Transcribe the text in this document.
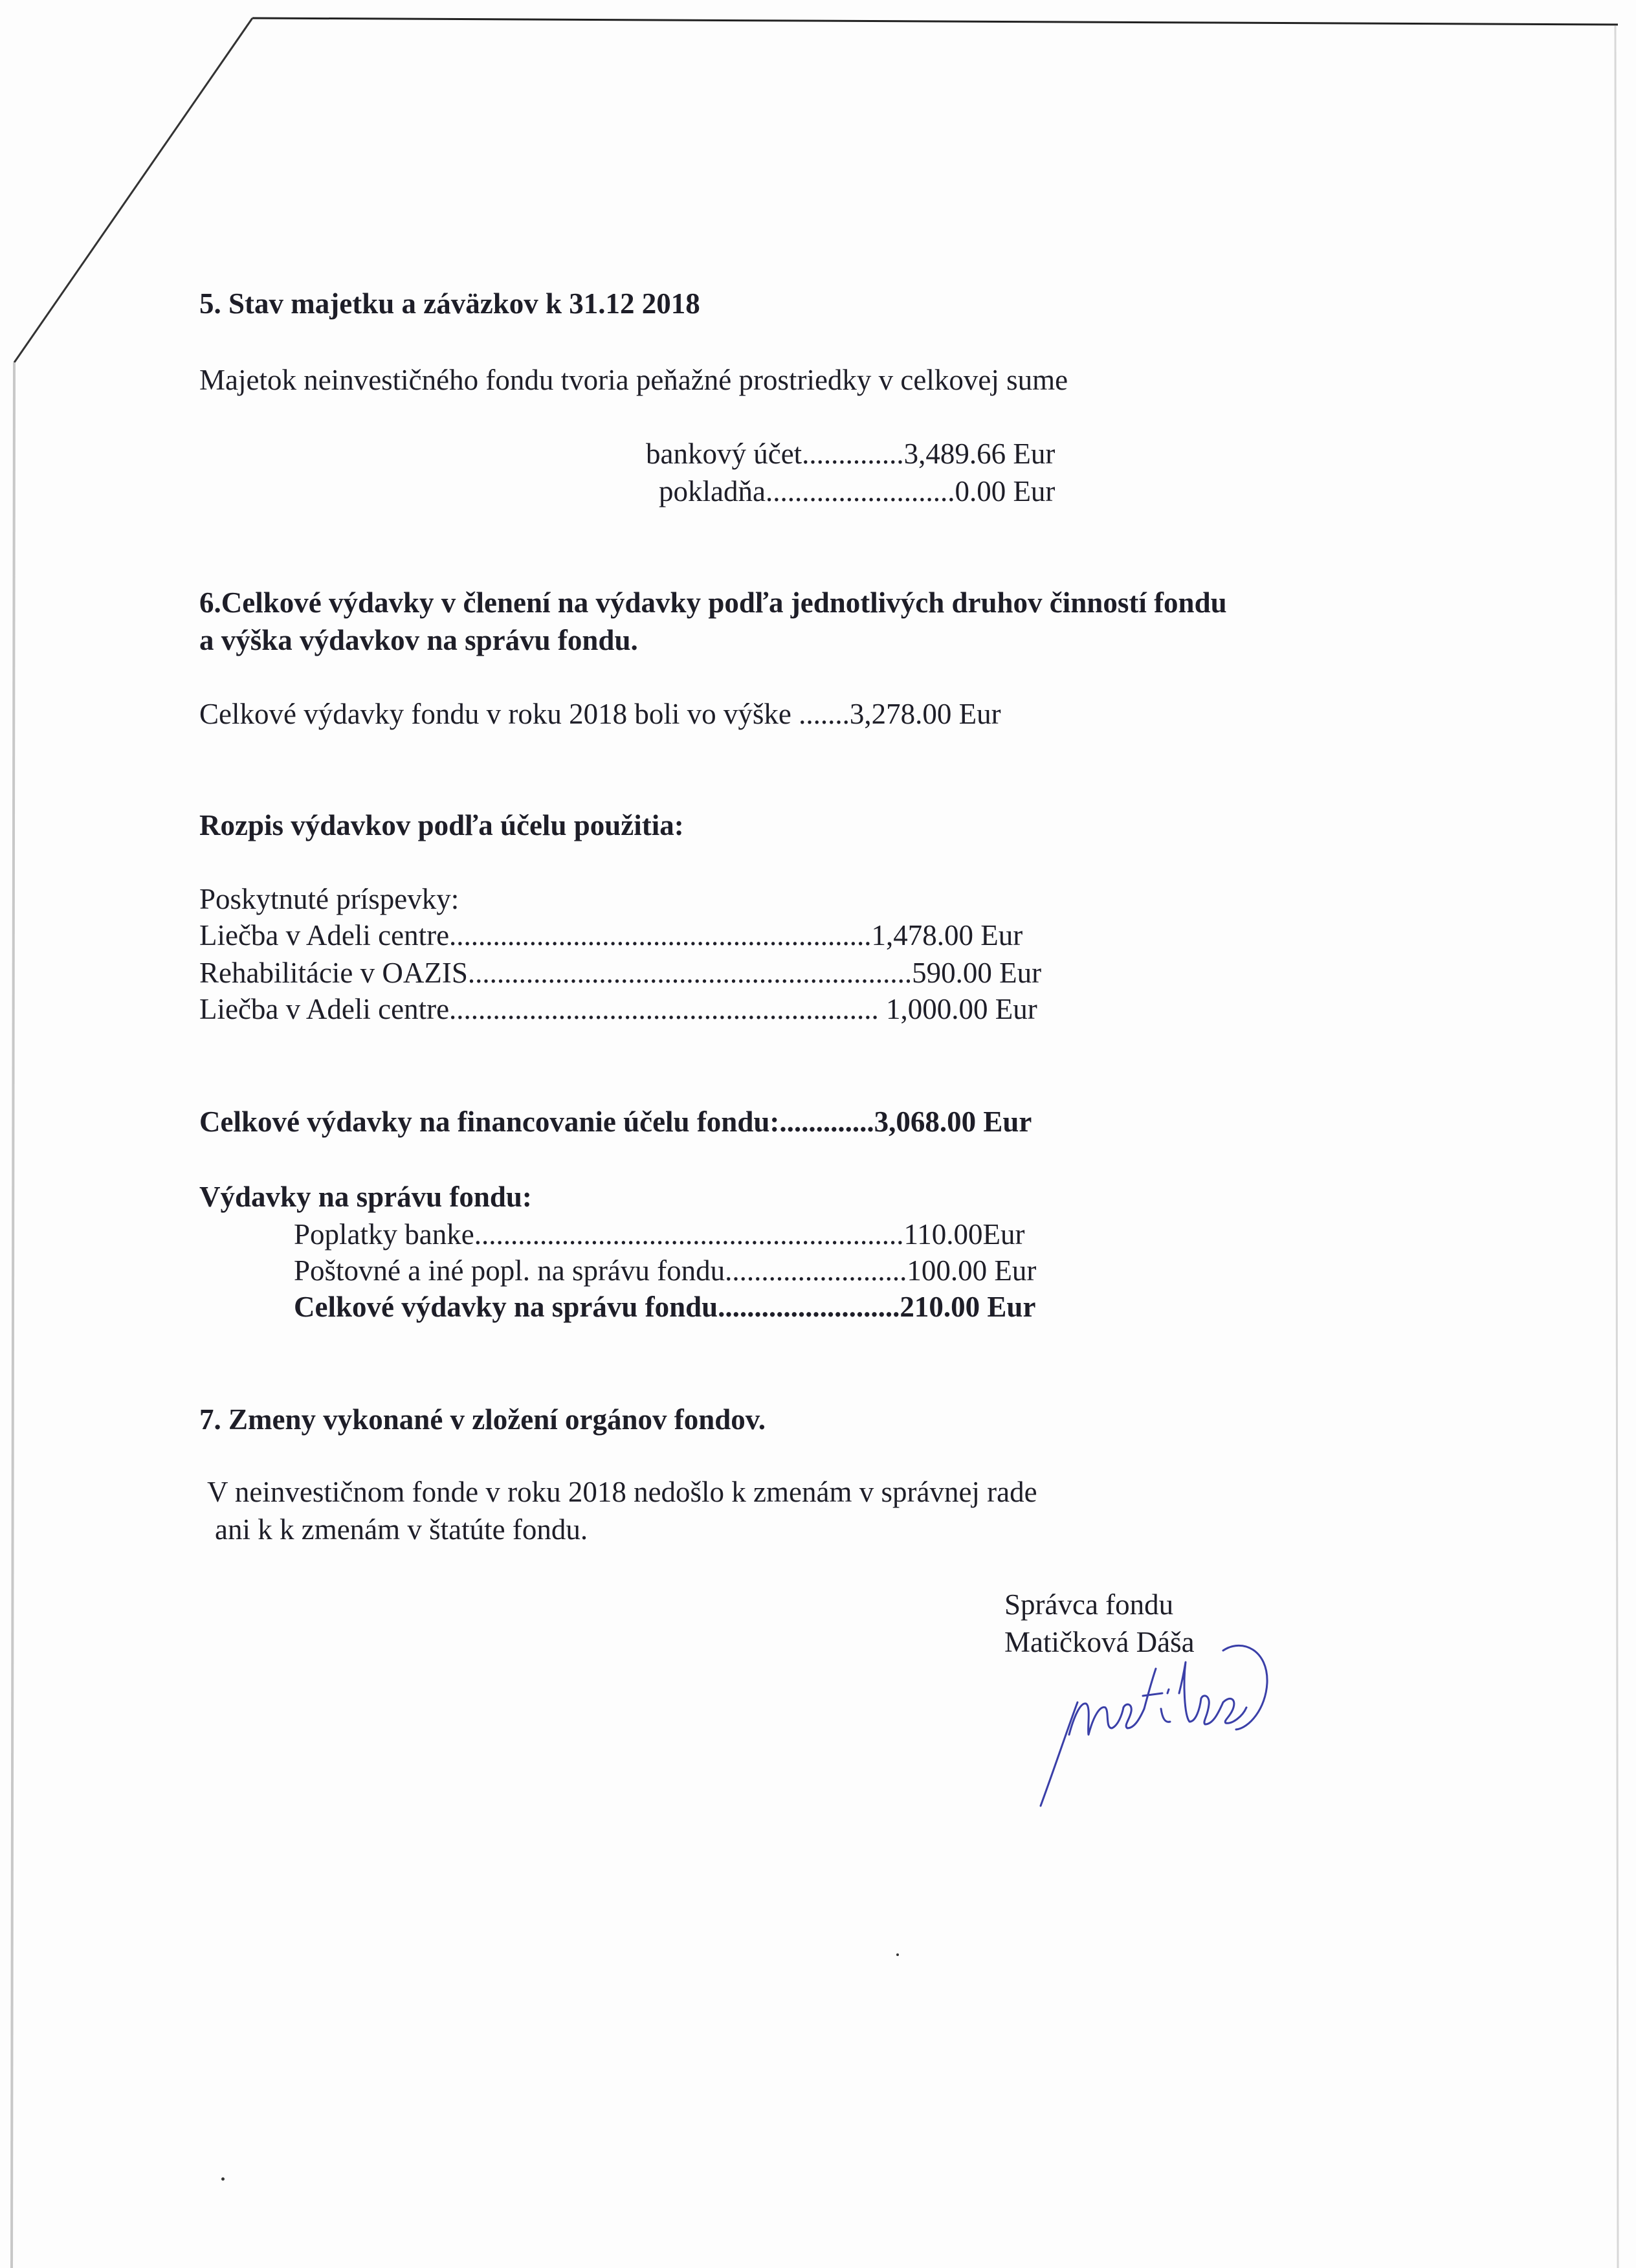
5. Stav majetku a záväzkov k 31.12 2018
Majetok neinvestičného fondu tvoria peňažné prostriedky v celkovej sume
bankový účet..............3,489.66 Eur
pokladňa..........................0.00 Eur
6.Celkové výdavky v členení na výdavky podľa jednotlivých druhov činností fondu
a výška výdavkov na správu fondu.
Celkové výdavky fondu v roku 2018 boli vo výške .......3,278.00 Eur
Rozpis výdavkov podľa účelu použitia:
Poskytnuté príspevky:
Liečba v Adeli centre..........................................................1,478.00 Eur
Rehabilitácie v OAZIS.............................................................590.00 Eur
Liečba v Adeli centre........................................................... 1,000.00 Eur
Celkové výdavky na financovanie účelu fondu:.............3,068.00 Eur
Výdavky na správu fondu:
Poplatky banke...........................................................110.00Eur
Poštovné a iné popl. na správu fondu.........................100.00 Eur
Celkové výdavky na správu fondu.........................210.00 Eur
7. Zmeny vykonané v zložení orgánov fondov.
V neinvestičnom fonde v roku 2018 nedošlo k zmenám v správnej rade
ani k k zmenám v štatúte fondu.
Správca fondu
Matičková Dáša
